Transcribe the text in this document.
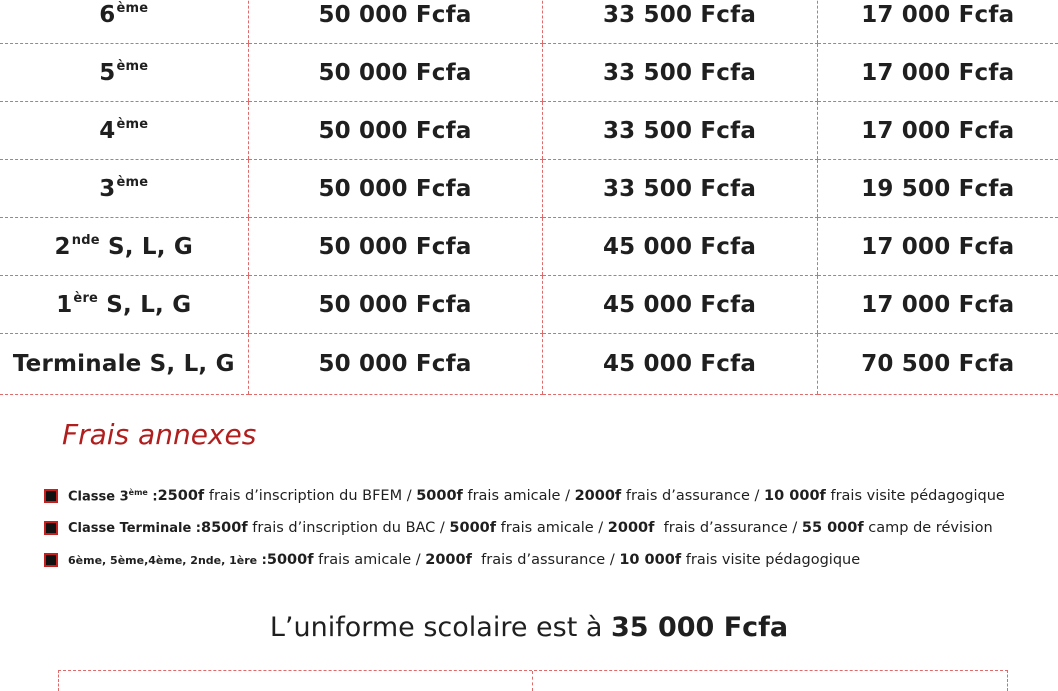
6ème	50 000 Fcfa	33 500 Fcfa	17 000 Fcfa
5ème	50 000 Fcfa	33 500 Fcfa	17 000 Fcfa
4ème	50 000 Fcfa	33 500 Fcfa	17 000 Fcfa
3ème	50 000 Fcfa	33 500 Fcfa	19 500 Fcfa
2nde S, L, G	50 000 Fcfa	45 000 Fcfa	17 000 Fcfa
1ère S, L, G	50 000 Fcfa	45 000 Fcfa	17 000 Fcfa
Terminale S, L, G	50 000 Fcfa	45 000 Fcfa	70 500 Fcfa
Frais annexes
Classe 3ème : 2500f frais d’inscription du BFEM / 5000f frais amicale / 2000f frais d’assurance / 10 000f frais visite pédagogique
Classe Terminale : 8500f frais d’inscription du BAC / 5000f frais amicale / 2000f frais d’assurance / 55 000f camp de révision
6ème, 5ème,4ème, 2nde, 1ère : 5000f frais amicale / 2000f frais d’assurance / 10 000f frais visite pédagogique
L’uniforme scolaire est à 35 000 Fcfa
